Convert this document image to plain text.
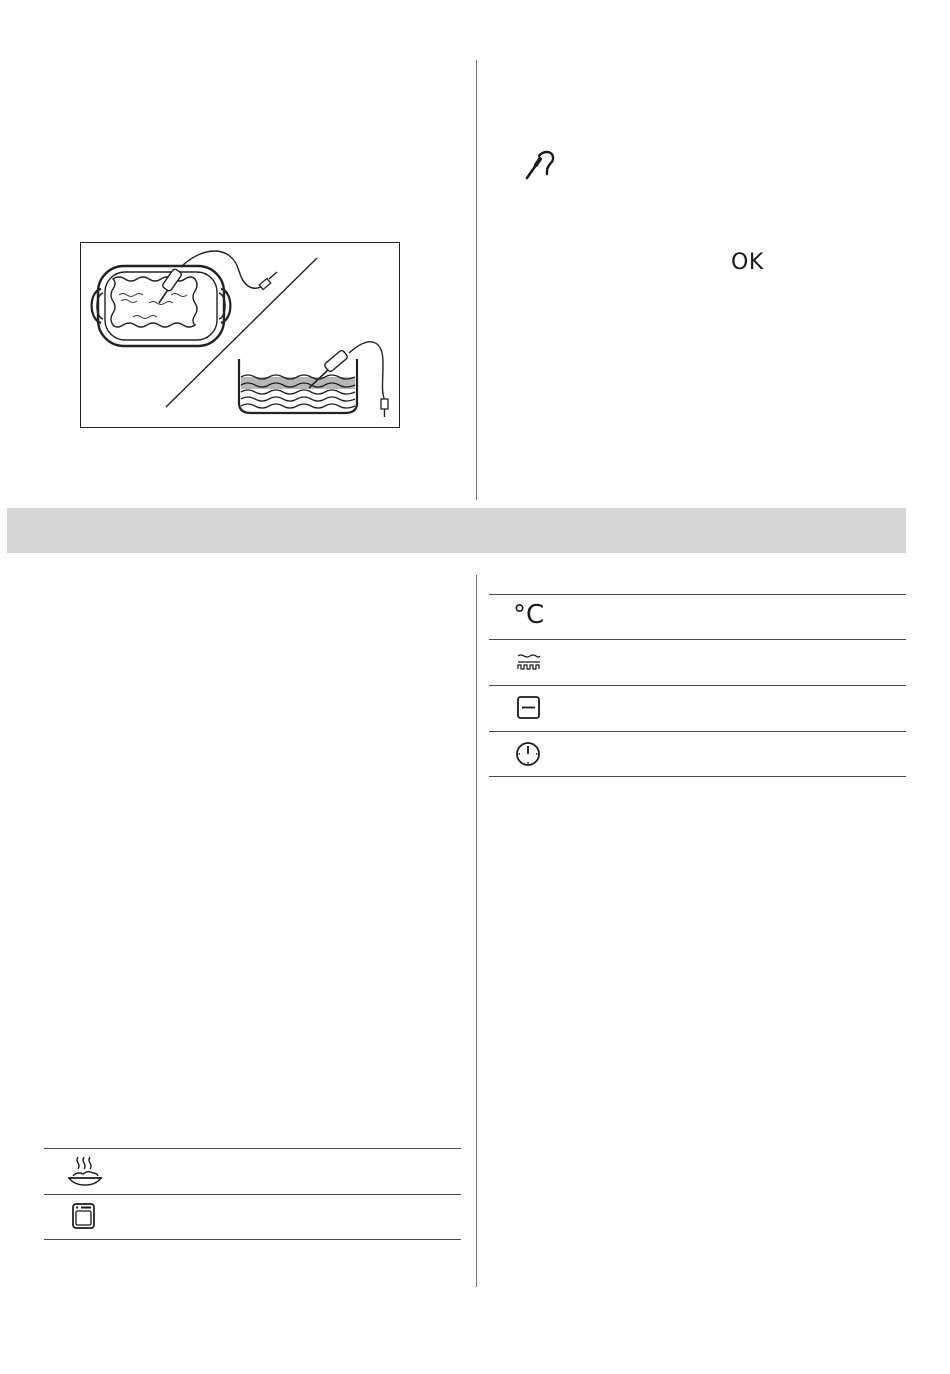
OK
°C
